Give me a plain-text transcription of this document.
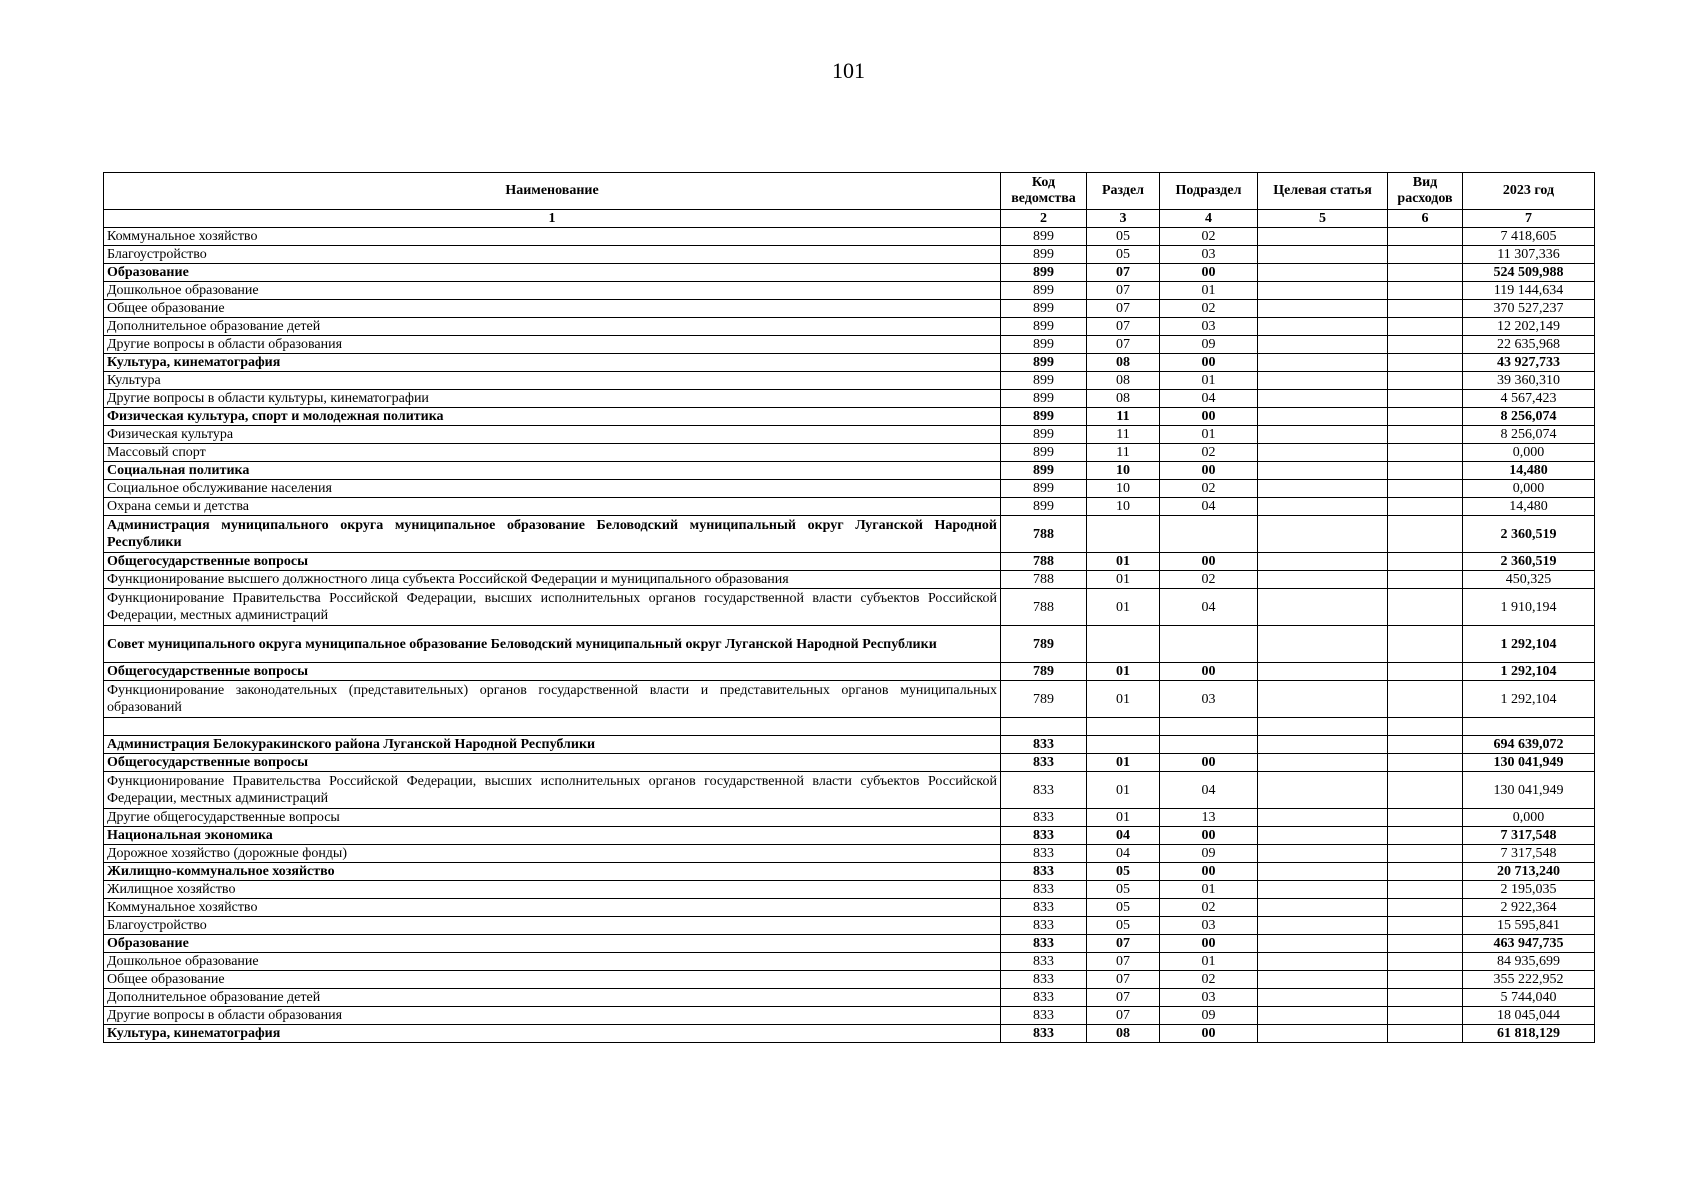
101
Наименование	Код ведомства	Раздел	Подраздел	Целевая статья	Вид расходов	2023 год
1	2	3	4	5	6	7
Коммунальное хозяйство	899	05	02			7 418,605
Благоустройство	899	05	03			11 307,336
Образование	899	07	00			524 509,988
Дошкольное образование	899	07	01			119 144,634
Общее образование	899	07	02			370 527,237
Дополнительное образование детей	899	07	03			12 202,149
Другие вопросы в области образования	899	07	09			22 635,968
Культура, кинематография	899	08	00			43 927,733
Культура	899	08	01			39 360,310
Другие вопросы в области культуры, кинематографии	899	08	04			4 567,423
Физическая культура, спорт и молодежная политика	899	11	00			8 256,074
Физическая культура	899	11	01			8 256,074
Массовый спорт	899	11	02			0,000
Социальная политика	899	10	00			14,480
Социальное обслуживание населения	899	10	02			0,000
Охрана семьи и детства	899	10	04			14,480
Администрация муниципального округа муниципальное образование Беловодский муниципальный округ Луганской Народной Республики	788					2 360,519
Общегосударственные вопросы	788	01	00			2 360,519
Функционирование высшего должностного лица субъекта Российской Федерации и муниципального образования	788	01	02			450,325
Функционирование Правительства Российской Федерации, высших исполнительных органов государственной власти субъектов Российской Федерации, местных администраций	788	01	04			1 910,194
Совет муниципального округа муниципальное образование Беловодский муниципальный округ Луганской Народной Республики	789					1 292,104
Общегосударственные вопросы	789	01	00			1 292,104
Функционирование законодательных (представительных) органов государственной власти и представительных органов муниципальных образований	789	01	03			1 292,104

Администрация Белокуракинского района Луганской Народной Республики	833					694 639,072
Общегосударственные вопросы	833	01	00			130 041,949
Функционирование Правительства Российской Федерации, высших исполнительных органов государственной власти субъектов Российской Федерации, местных администраций	833	01	04			130 041,949
Другие общегосударственные вопросы	833	01	13			0,000
Национальная экономика	833	04	00			7 317,548
Дорожное хозяйство (дорожные фонды)	833	04	09			7 317,548
Жилищно-коммунальное хозяйство	833	05	00			20 713,240
Жилищное хозяйство	833	05	01			2 195,035
Коммунальное хозяйство	833	05	02			2 922,364
Благоустройство	833	05	03			15 595,841
Образование	833	07	00			463 947,735
Дошкольное образование	833	07	01			84 935,699
Общее образование	833	07	02			355 222,952
Дополнительное образование детей	833	07	03			5 744,040
Другие вопросы в области образования	833	07	09			18 045,044
Культура, кинематография	833	08	00			61 818,129
